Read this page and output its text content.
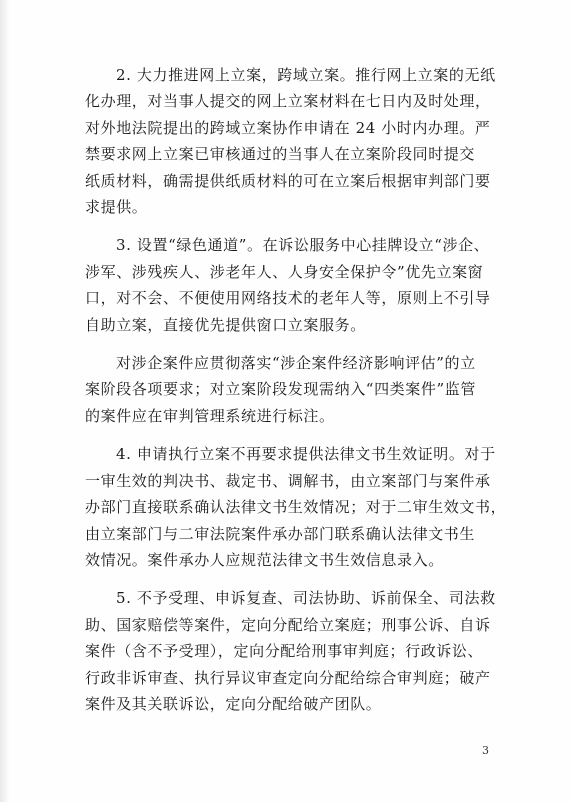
2. 大力推进网上立案，跨域立案。推行网上立案的无纸
化办理，对当事人提交的网上立案材料在七日内及时处理，
对外地法院提出的跨域立案协作申请在 24 小时内办理。严
禁要求网上立案已审核通过的当事人在立案阶段同时提交
纸质材料，确需提供纸质材料的可在立案后根据审判部门要
求提供。

3. 设置“绿色通道”。在诉讼服务中心挂牌设立“涉企、
涉军、涉残疾人、涉老年人、人身安全保护令”优先立案窗
口，对不会、不便使用网络技术的老年人等，原则上不引导
自助立案，直接优先提供窗口立案服务。

对涉企案件应贯彻落实“涉企案件经济影响评估”的立
案阶段各项要求；对立案阶段发现需纳入“四类案件”监管
的案件应在审判管理系统进行标注。

4. 申请执行立案不再要求提供法律文书生效证明。对于
一审生效的判决书、裁定书、调解书，由立案部门与案件承
办部门直接联系确认法律文书生效情况；对于二审生效文书，
由立案部门与二审法院案件承办部门联系确认法律文书生
效情况。案件承办人应规范法律文书生效信息录入。

5. 不予受理、申诉复查、司法协助、诉前保全、司法救
助、国家赔偿等案件，定向分配给立案庭；刑事公诉、自诉
案件（含不予受理），定向分配给刑事审判庭；行政诉讼、
行政非诉审查、执行异议审查定向分配给综合审判庭；破产
案件及其关联诉讼，定向分配给破产团队。

3
